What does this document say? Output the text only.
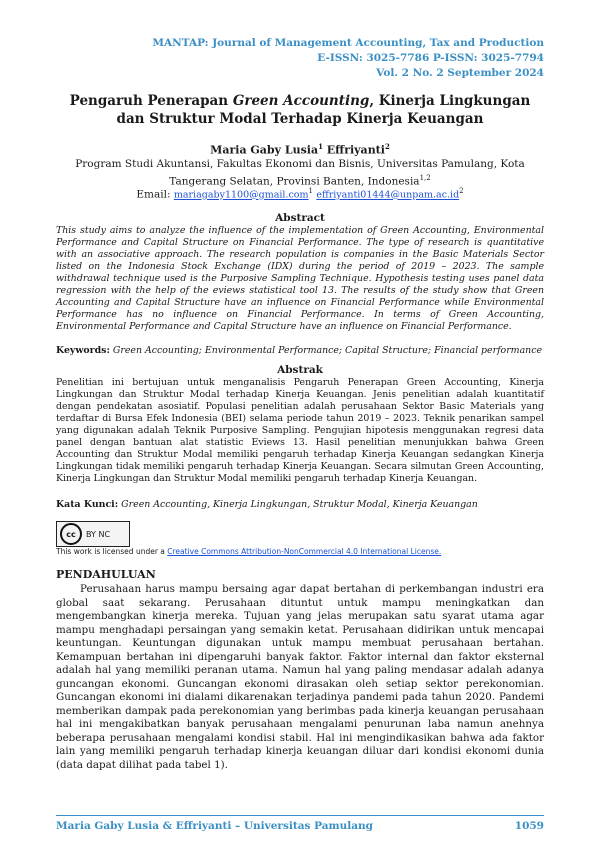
MANTAP: Journal of Management Accounting, Tax and Production
E-ISSN: 3025-7786 P-ISSN: 3025-7794
Vol. 2 No. 2 September 2024
Pengaruh Penerapan Green Accounting, Kinerja Lingkungan dan Struktur Modal Terhadap Kinerja Keuangan
Maria Gaby Lusia$^1$ Effriyanti$^2$
Program Studi Akuntansi, Fakultas Ekonomi dan Bisnis, Universitas Pamulang, Kota
Tangerang Selatan, Provinsi Banten, Indonesia$^{1,2}$
Email: mariagaby1100@gmail.com$^1$ $effriyanti01444@unpam.ac.id^2$
Abstract
This study aims to analyze the influence of the implementation of Green Accounting, Environmental Performance and Capital Structure on Financial Performance. The type of research is quantitative with an associative approach. The research population is companies in the Basic Materials Sector listed on the Indonesia Stock Exchange (IDX) during the period of 2019 – 2023. The sample withdrawal technique used is the Purposive Sampling Technique. Hypothesis testing uses panel data regression with the help of the eviews statistical tool 13. The results of the study show that Green Accounting and Capital Structure have an influence on Financial Performance while Environmental Performance has no influence on Financial Performance. In terms of Green Accounting, Environmental Performance and Capital Structure have an influence on Financial Performance.
Keywords: Green Accounting; Environmental Performance; Capital Structure; Financial performance
Abstrak
Penelitian ini bertujuan untuk menganalisis Pengaruh Penerapan Green Accounting, Kinerja Lingkungan dan Struktur Modal terhadap Kinerja Keuangan. Jenis penelitian adalah kuantitatif dengan pendekatan asosiatif. Populasi penelitian adalah perusahaan Sektor Basic Materials yang terdaftar di Bursa Efek Indonesia (BEI) selama periode tahun 2019 – 2023. Teknik penarikan sampel yang digunakan adalah Teknik Purposive Sampling. Pengujian hipotesis menggunakan regresi data panel dengan bantuan alat statistic Eviews 13. Hasil penelitian menunjukkan bahwa Green Accounting dan Struktur Modal memiliki pengaruh terhadap Kinerja Keuangan sedangkan Kinerja Lingkungan tidak memiliki pengaruh terhadap Kinerja Keuangan. Secara silmutan Green Accounting, Kinerja Lingkungan dan Struktur Modal memiliki pengaruh terhadap Kinerja Keuangan.
Kata Kunci: Green Accounting, Kinerja Lingkungan, Struktur Modal, Kinerja Keuangan
cc	BY NC
This work is licensed under a Creative Commons Attribution-NonCommercial 4.0 International License.
PENDAHULUAN
Perusahaan harus mampu bersaing agar dapat bertahan di perkembangan industri era global saat sekarang. Perusahaan dituntut untuk mampu meningkatkan dan mengembangkan kinerja mereka. Tujuan yang jelas merupakan satu syarat utama agar mampu menghadapi persaingan yang semakin ketat. Perusahaan didirikan untuk mencapai keuntungan. Keuntungan digunakan untuk mampu membuat perusahaan bertahan. Kemampuan bertahan ini dipengaruhi banyak faktor. Faktor internal dan faktor eksternal adalah hal yang memiliki peranan utama. Namun hal yang paling mendasar adalah adanya guncangan ekonomi. Guncangan ekonomi dirasakan oleh setiap sektor perekonomian. Guncangan ekonomi ini dialami dikarenakan terjadinya pandemi pada tahun 2020. Pandemi memberikan dampak pada perekonomian yang berimbas pada kinerja keuangan perusahaan hal ini mengakibatkan banyak perusahaan mengalami penurunan laba namun anehnya beberapa perusahaan mengalami kondisi stabil. Hal ini mengindikasikan bahwa ada faktor lain yang memiliki pengaruh terhadap kinerja keuangan diluar dari kondisi ekonomi dunia (data dapat dilihat pada tabel 1).
Maria Gaby Lusia & Effriyanti – Universitas Pamulang	1059
